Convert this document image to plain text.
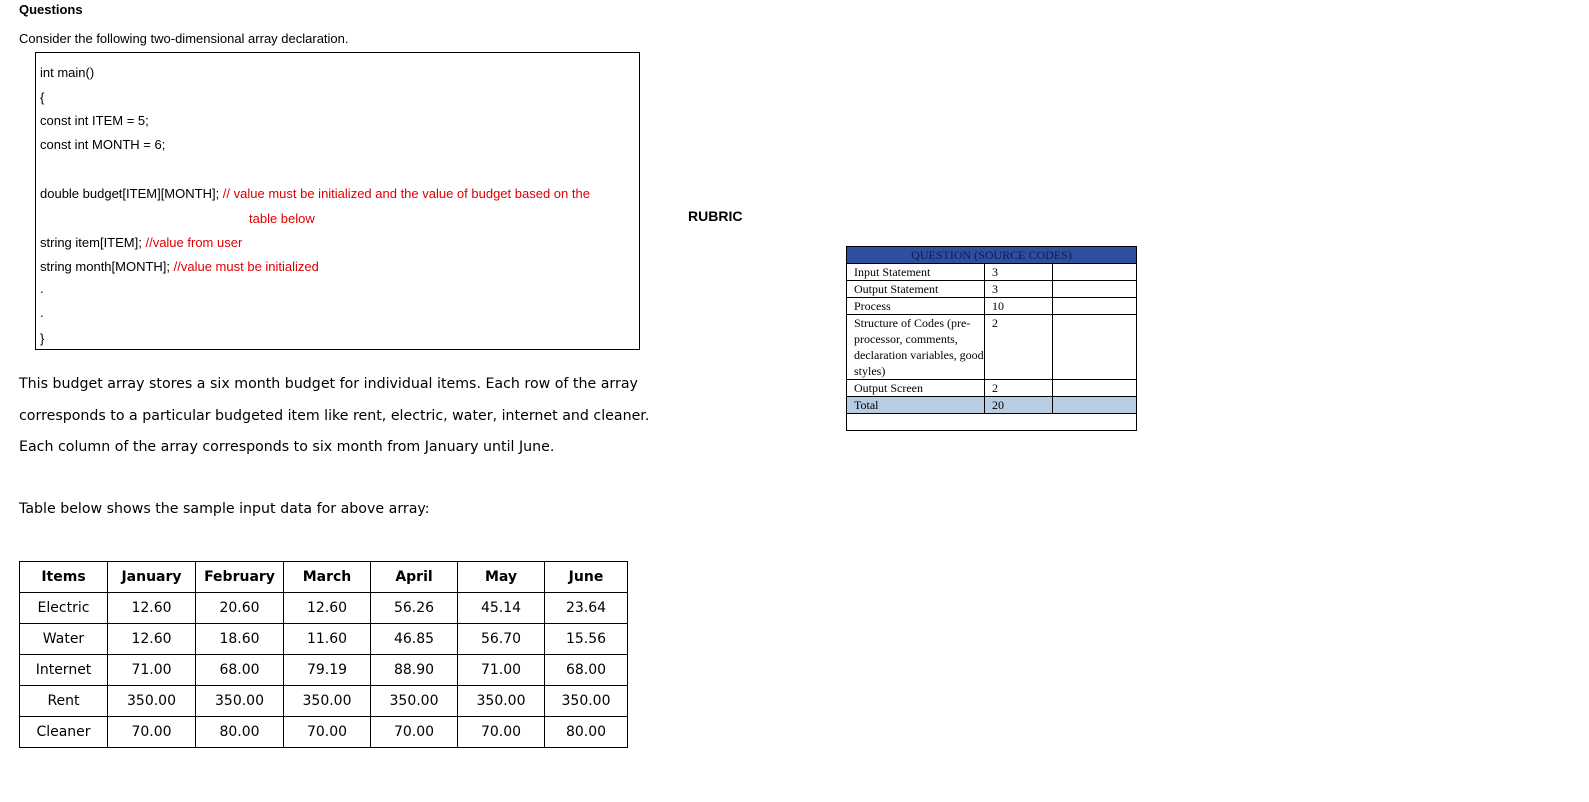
Questions
Consider the following two-dimensional array declaration.
int main()
{
const int ITEM = 5;
const int MONTH = 6;
double budget[ITEM][MONTH]; // value must be initialized and the value of budget based on the
table below
string item[ITEM]; //value from user
string month[MONTH]; //value must be initialized
.
.
}
This budget array stores a six month budget for individual items. Each row of the array
corresponds to a particular budgeted item like rent, electric, water, internet and cleaner.
Each column of the array corresponds to six month from January until June.
Table below shows the sample input data for above array:
Items	January	February	March	April	May	June
Electric	12.60	20.60	12.60	56.26	45.14	23.64
Water	12.60	18.60	11.60	46.85	56.70	15.56
Internet	71.00	68.00	79.19	88.90	71.00	68.00
Rent	350.00	350.00	350.00	350.00	350.00	350.00
Cleaner	70.00	80.00	70.00	70.00	70.00	80.00
RUBRIC
QUESTION (SOURCE CODES)		
Input Statement	3	
Output Statement	3	
Process	10	
Structure of Codes (pre-processor, comments, declaration variables, good styles)	2	
Output Screen	2	
Total	20	
